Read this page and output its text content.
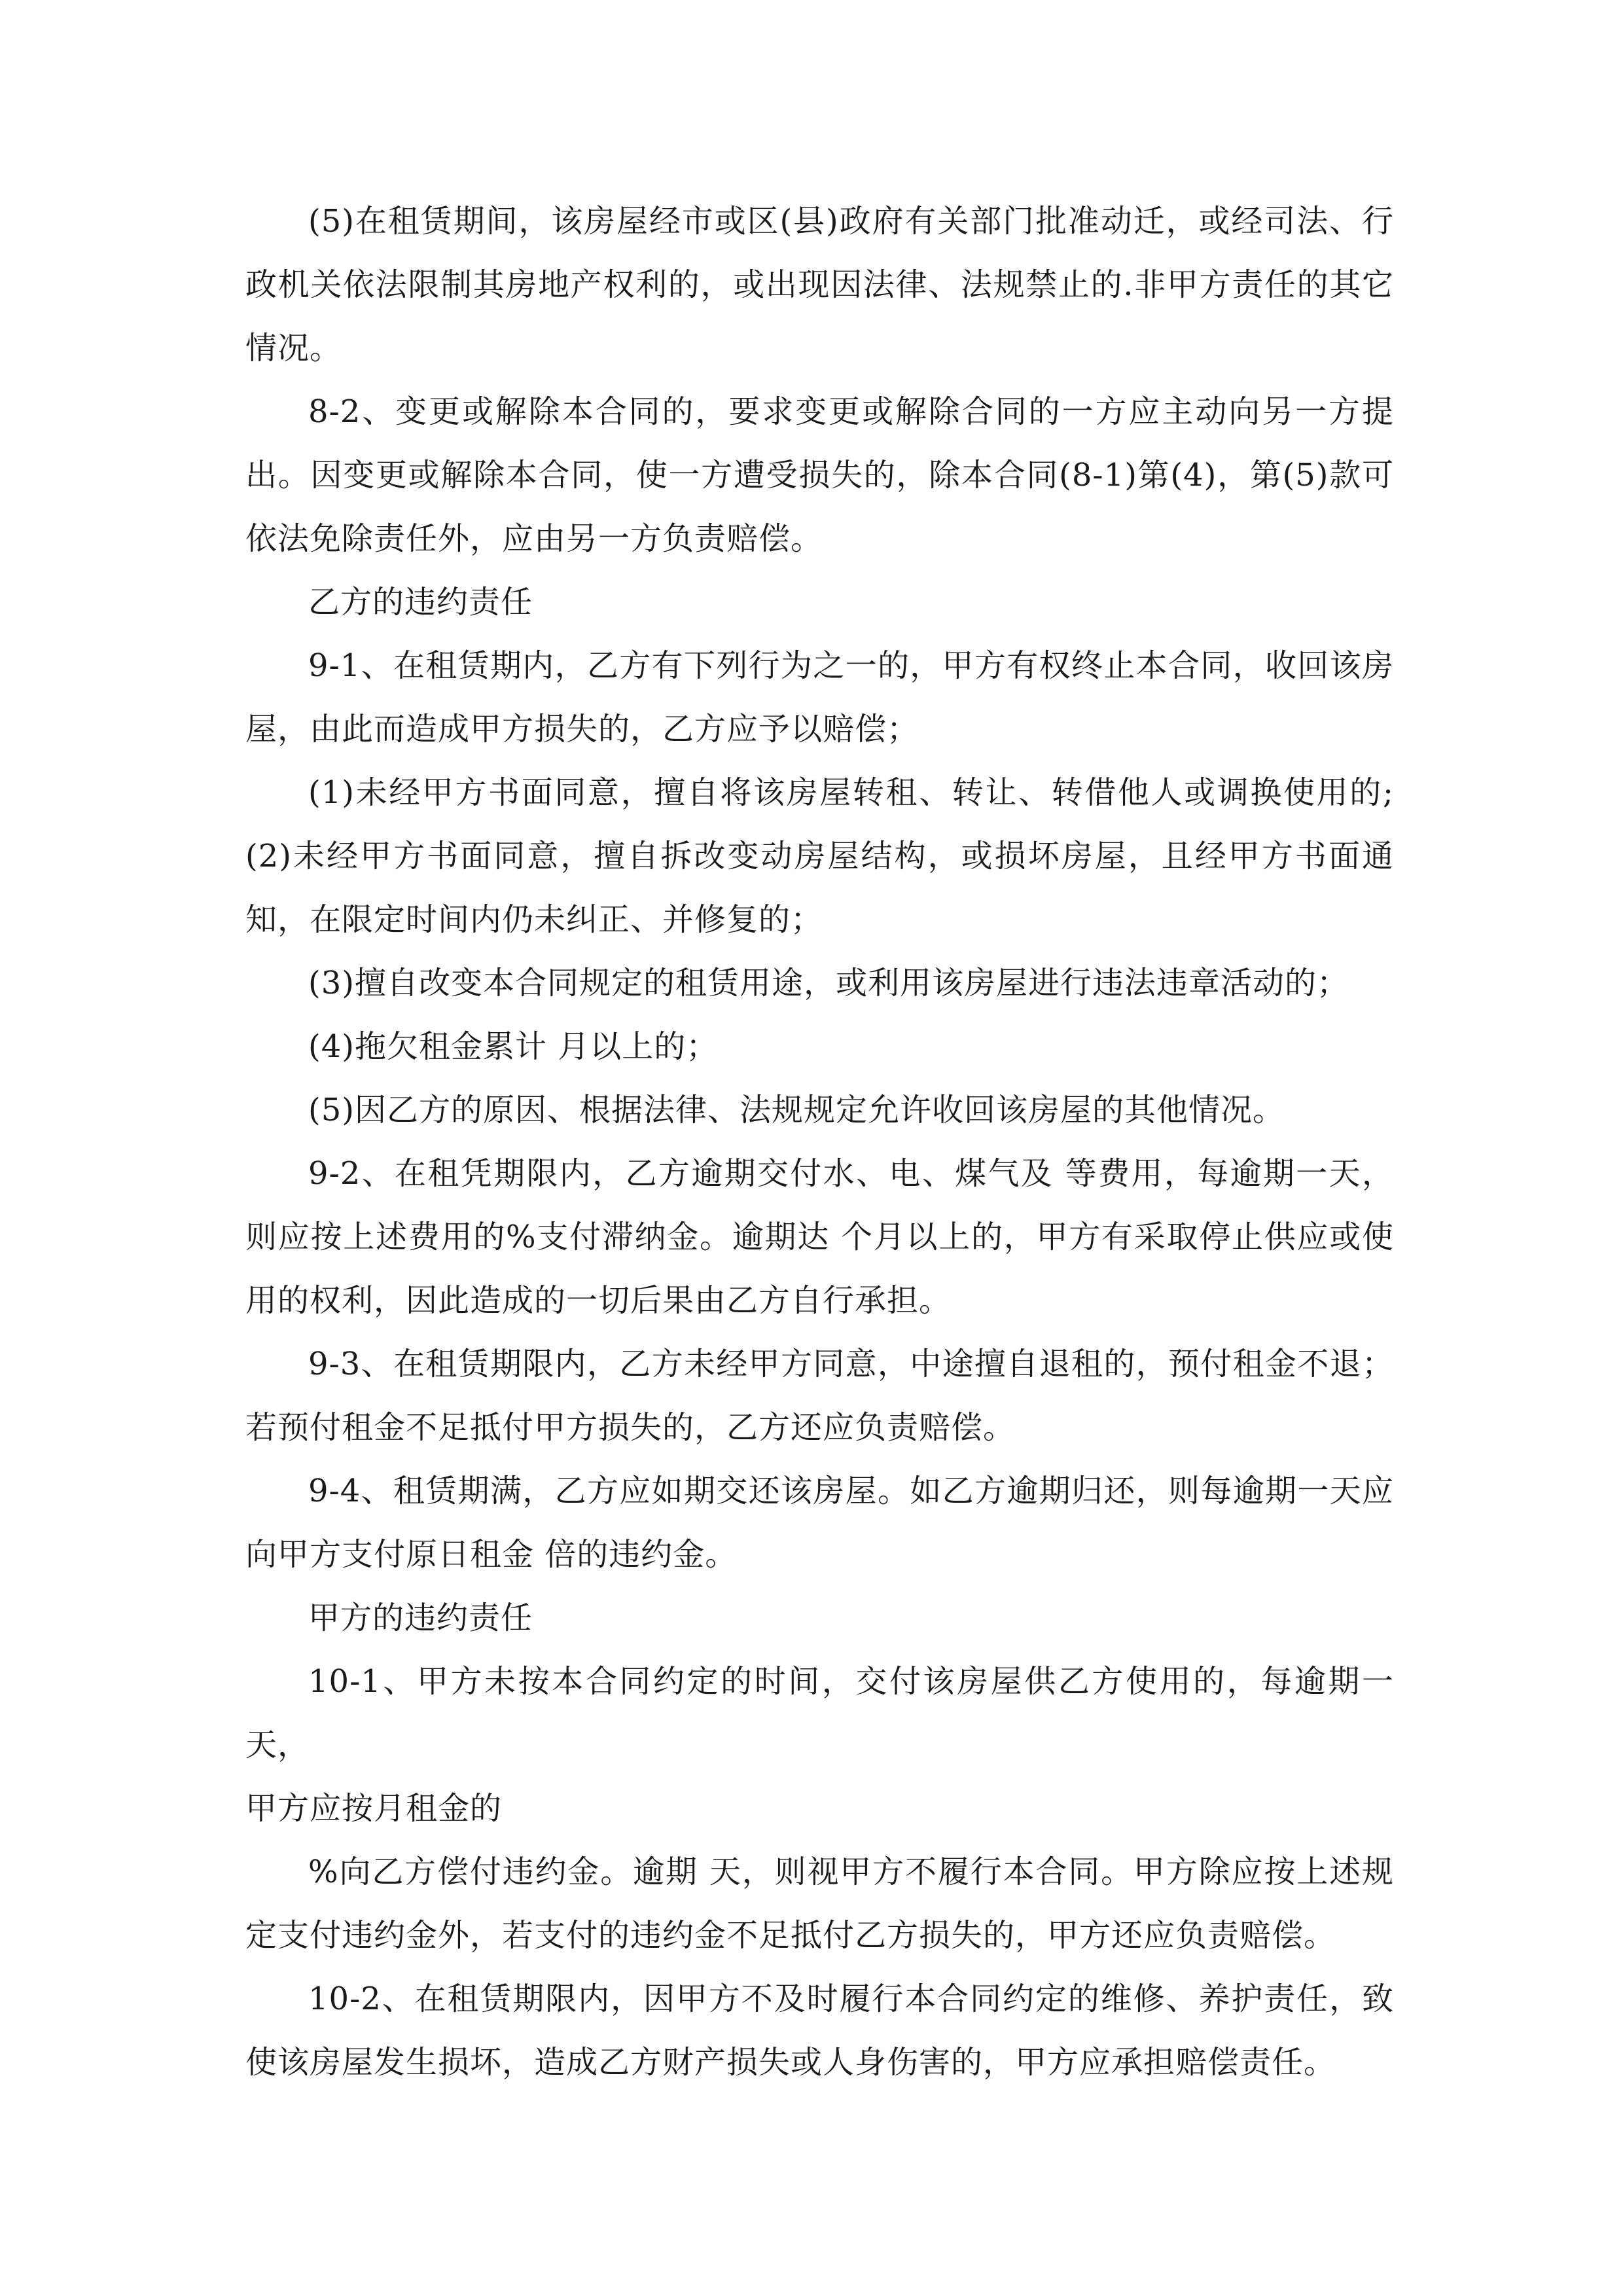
(5)在租赁期间，该房屋经市或区(县)政府有关部门批准动迁，或经司法、行政机关依法限制其房地产权利的，或出现因法律、法规禁止的.非甲方责任的其它情况。

8-2、变更或解除本合同的，要求变更或解除合同的一方应主动向另一方提出。因变更或解除本合同，使一方遭受损失的，除本合同(8-1)第(4)，第(5)款可依法免除责任外，应由另一方负责赔偿。

乙方的违约责任

9-1、在租赁期内，乙方有下列行为之一的，甲方有权终止本合同，收回该房屋，由此而造成甲方损失的，乙方应予以赔偿；

(1)未经甲方书面同意，擅自将该房屋转租、转让、转借他人或调换使用的;(2)未经甲方书面同意，擅自拆改变动房屋结构，或损坏房屋，且经甲方书面通知，在限定时间内仍未纠正、并修复的；

(3)擅自改变本合同规定的租赁用途，或利用该房屋进行违法违章活动的；

(4)拖欠租金累计 月以上的；

(5)因乙方的原因、根据法律、法规规定允许收回该房屋的其他情况。

9-2、在租凭期限内，乙方逾期交付水、电、煤气及 等费用，每逾期一天，则应按上述费用的%支付滞纳金。逾期达 个月以上的，甲方有采取停止供应或使用的权利，因此造成的一切后果由乙方自行承担。

9-3、在租赁期限内，乙方未经甲方同意，中途擅自退租的，预付租金不退；若预付租金不足抵付甲方损失的，乙方还应负责赔偿。

9-4、租赁期满，乙方应如期交还该房屋。如乙方逾期归还，则每逾期一天应向甲方支付原日租金 倍的违约金。

甲方的违约责任

10-1、甲方未按本合同约定的时间，交付该房屋供乙方使用的，每逾期一天，

甲方应按月租金的

%向乙方偿付违约金。逾期 天，则视甲方不履行本合同。甲方除应按上述规定支付违约金外，若支付的违约金不足抵付乙方损失的，甲方还应负责赔偿。

10-2、在租赁期限内，因甲方不及时履行本合同约定的维修、养护责任，致使该房屋发生损坏，造成乙方财产损失或人身伤害的，甲方应承担赔偿责任。
